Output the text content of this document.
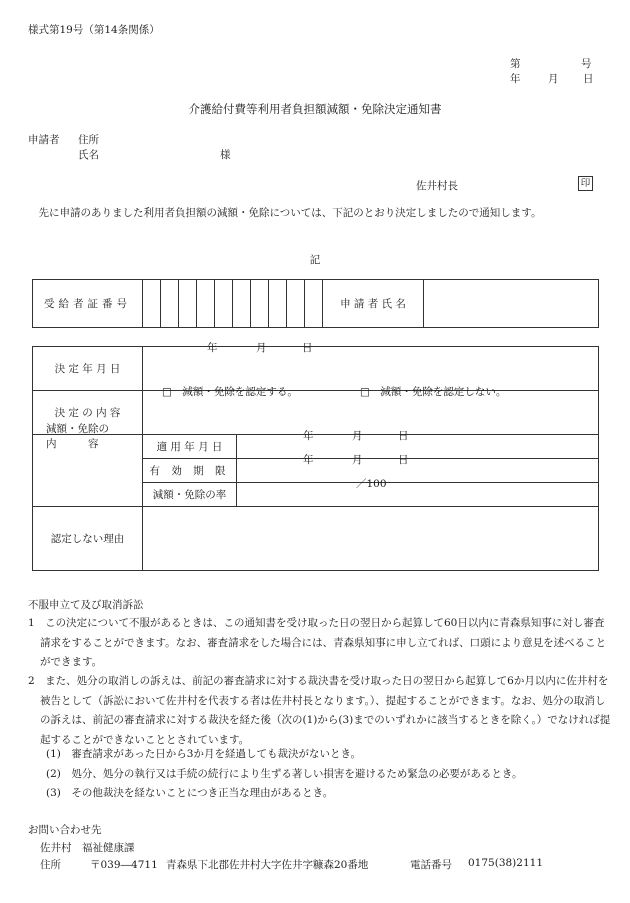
様式第19号（第14条関係）
第	号
年	月 日
介護給付費等利用者負担額減額・免除決定通知書
申請者 住所
氏名	様
佐井村長	印
　先に申請のありました利用者負担額の減額・免除については、下記のとおり決定しましたので通知します。
記
受給者証番号											申 請 者 氏 名	
決 定 年 月 日	年 月 日	

決 定 の 内 容	□　減額・免除を認定する。 □　減額・免除を認定しない。	

減額・免除の
内　　　容	適 用 年 月 日	年 月 日

	有 効 期 限	年 月 日

	減額・免除の率	／100

認定しない理由		
不服申立て及び取消訴訟
1　この決定について不服があるときは、この通知書を受け取った日の翌日から起算して60日以内に青森県知事に対し審査請求をすることができます。なお、審査請求をした場合には、青森県知事に申し立てれば、口頭により意見を述べることができます。
2　また、処分の取消しの訴えは、前記の審査請求に対する裁決書を受け取った日の翌日から起算して6か月以内に佐井村を被告として（訴訟において佐井村を代表する者は佐井村長となります。）、提起することができます。なお、処分の取消しの訴えは、前記の審査請求に対する裁決を経た後（次の(1)から(3)までのいずれかに該当するときを除く。）でなければ提起することができないこととされています。
(1)　審査請求があった日から3か月を経過しても裁決がないとき。
(2)　処分、処分の執行又は手続の続行により生ずる著しい損害を避けるため緊急の必要があるとき。
(3)　その他裁決を経ないことにつき正当な理由があるとき。
お問い合わせ先
佐井村　福祉健康課
住所	〒039―4711 青森県下北郡佐井村大字佐井字糠森20番地	電話番号 0175(38)2111
